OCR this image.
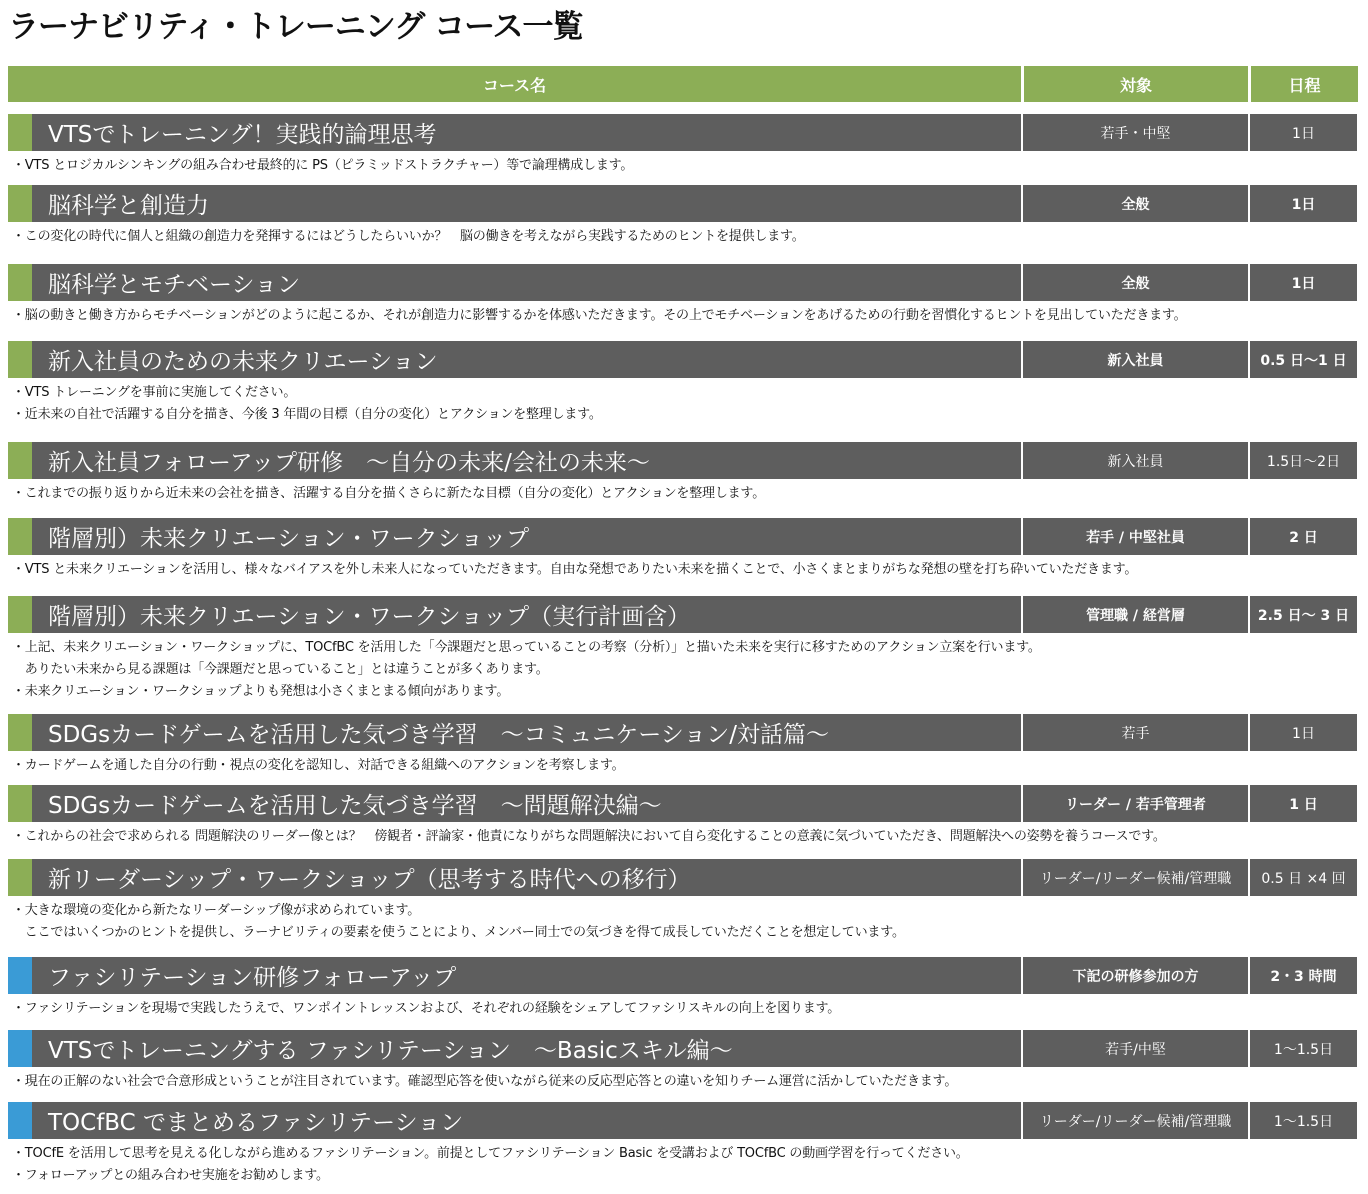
ラーナビリティ・トレーニング コース一覧
コース名	対象	日程
VTSでトレーニング！実践的論理思考	若手・中堅	1日
・VTS とロジカルシンキングの組み合わせ最終的に PS（ピラミッドストラクチャー）等で論理構成します。
脳科学と創造力	全般	1日
・この変化の時代に個人と組織の創造力を発揮するにはどうしたらいいか？　脳の働きを考えながら実践するためのヒントを提供します。
脳科学とモチベーション	全般	1日
・脳の動きと働き方からモチベーションがどのように起こるか、それが創造力に影響するかを体感いただきます。その上でモチベーションをあげるための行動を習慣化するヒントを見出していただきます。
新入社員のための未来クリエーション	新入社員	0.5 日～1 日
・VTS トレーニングを事前に実施してください。
・近未来の自社で活躍する自分を描き、今後 3 年間の目標（自分の変化）とアクションを整理します。
新入社員フォローアップ研修　～自分の未来/会社の未来～	新入社員	1.5日～2日
・これまでの振り返りから近未来の会社を描き、活躍する自分を描くさらに新たな目標（自分の変化）とアクションを整理します。
階層別）未来クリエーション・ワークショップ	若手 / 中堅社員	2 日
・VTS と未来クリエーションを活用し、様々なバイアスを外し未来人になっていただきます。自由な発想でありたい未来を描くことで、小さくまとまりがちな発想の壁を打ち砕いていただきます。
階層別）未来クリエーション・ワークショップ（実行計画含）	管理職 / 経営層	2.5 日～ 3 日
・上記、未来クリエーション・ワークショップに、TOCfBC を活用した「今課題だと思っていることの考察（分析）」と描いた未来を実行に移すためのアクション立案を行います。
　ありたい未来から見る課題は「今課題だと思っていること」とは違うことが多くあります。
・未来クリエーション・ワークショップよりも発想は小さくまとまる傾向があります。
SDGsカードゲームを活用した気づき学習　～コミュニケーション/対話篇～	若手	1日
・カードゲームを通した自分の行動・視点の変化を認知し、対話できる組織へのアクションを考察します。
SDGsカードゲームを活用した気づき学習　～問題解決編～	リーダー / 若手管理者	1 日
・これからの社会で求められる 問題解決のリーダー像とは？　傍観者・評論家・他責になりがちな問題解決において自ら変化することの意義に気づいていただき、問題解決への姿勢を養うコースです。
新リーダーシップ・ワークショップ（思考する時代への移行）	リーダー/リーダー候補/管理職	0.5 日 ×4 回
・大きな環境の変化から新たなリーダーシップ像が求められています。
　ここではいくつかのヒントを提供し、ラーナビリティの要素を使うことにより、メンバー同士での気づきを得て成長していただくことを想定しています。
ファシリテーション研修フォローアップ	下記の研修参加の方	2・3 時間
・ファシリテーションを現場で実践したうえで、ワンポイントレッスンおよび、それぞれの経験をシェアしてファシリスキルの向上を図ります。
VTSでトレーニングする ファシリテーション　～Basicスキル編～	若手/中堅	1～1.5日
・現在の正解のない社会で合意形成ということが注目されています。確認型応答を使いながら従来の反応型応答との違いを知りチーム運営に活かしていただきます。
TOCfBC でまとめるファシリテーション	リーダー/リーダー候補/管理職	1～1.5日
・TOCfE を活用して思考を見える化しながら進めるファシリテーション。前提としてファシリテーション Basic を受講および TOCfBC の動画学習を行ってください。
・フォローアップとの組み合わせ実施をお勧めします。
